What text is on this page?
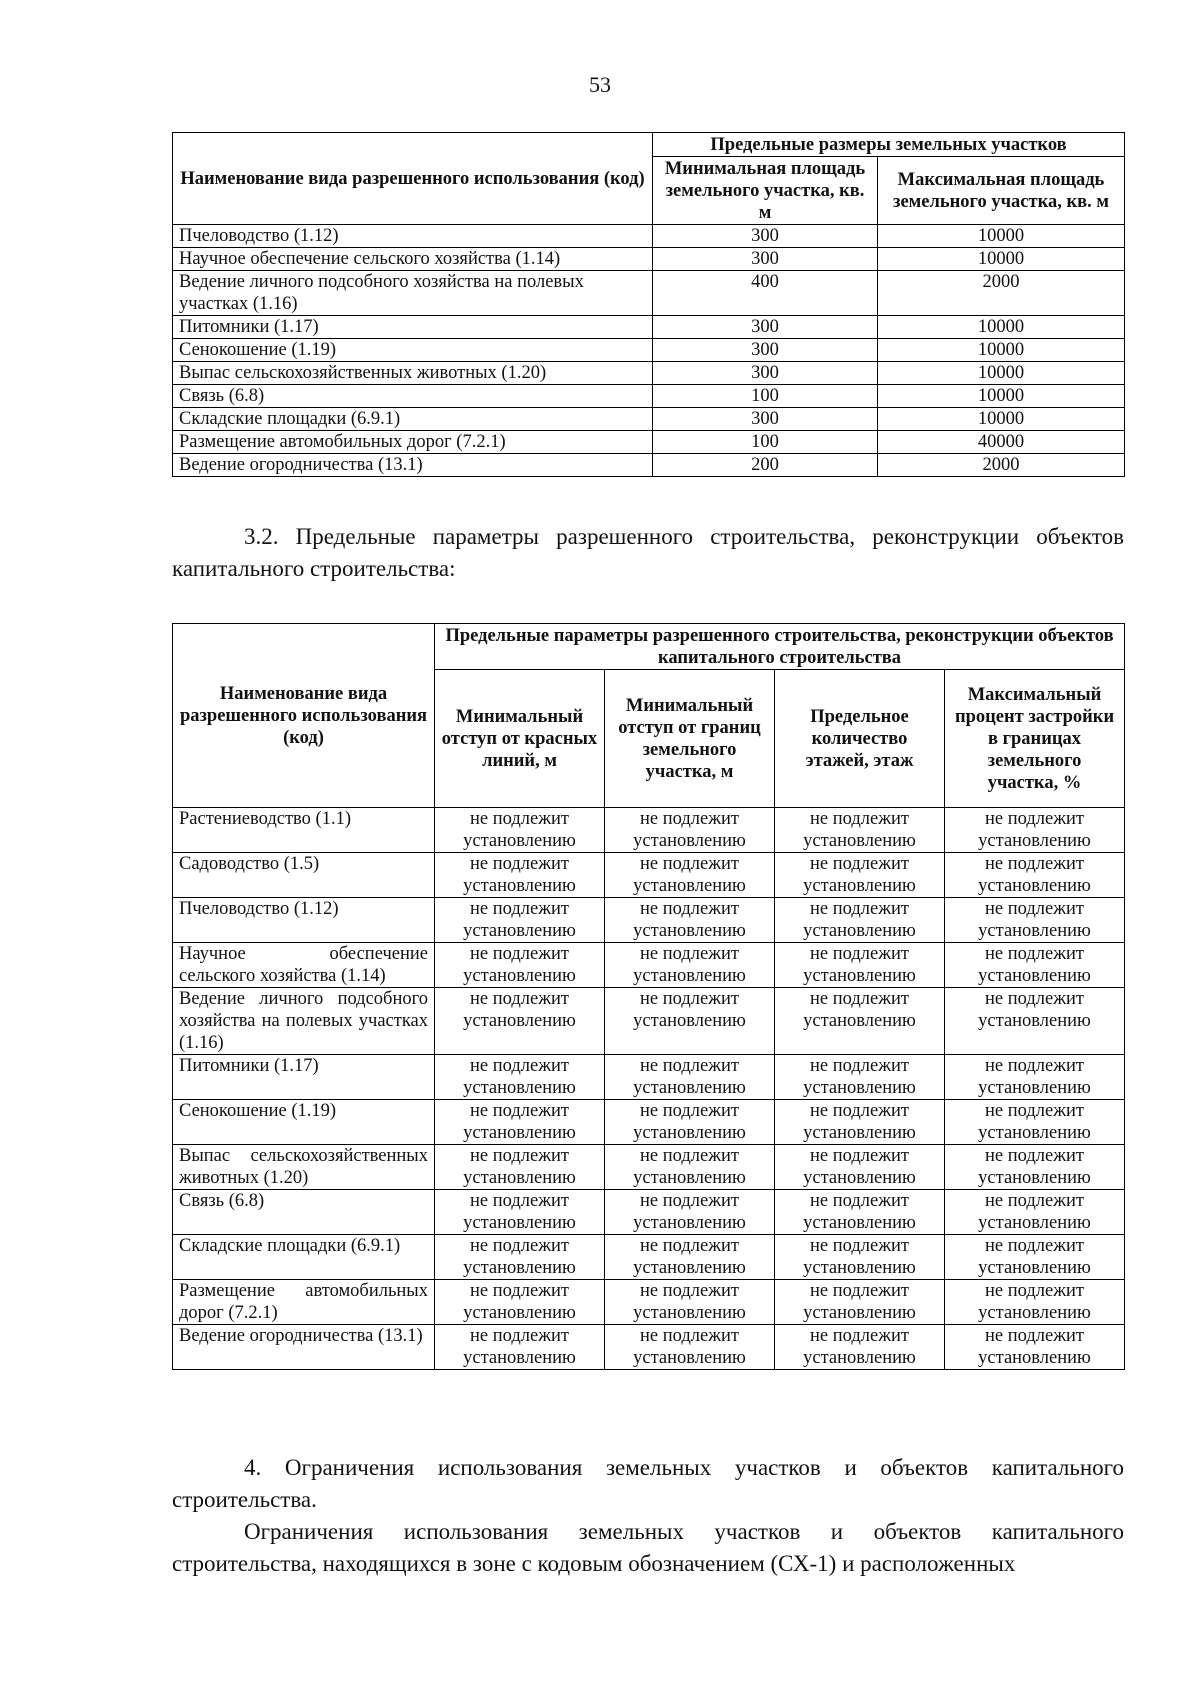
53
Наименование вида разрешенного использования (код)	Предельные размеры земельных участков	
	Минимальная площадь земельного участка, кв. м	Максимальная площадь земельного участка, кв. м
Пчеловодство (1.12)	300	10000
Научное обеспечение сельского хозяйства (1.14)	300	10000
Ведение личного подсобного хозяйства на полевых участках (1.16)	400	2000
Питомники (1.17)	300	10000
Сенокошение (1.19)	300	10000
Выпас сельскохозяйственных животных (1.20)	300	10000
Связь (6.8)	100	10000
Складские площадки (6.9.1)	300	10000
Размещение автомобильных дорог (7.2.1)	100	40000
Ведение огородничества (13.1)	200	2000
3.2. Предельные параметры разрешенного строительства, реконструкции объектов капитального строительства:
Наименование вида разрешенного использования (код)	Предельные параметры разрешенного строительства, реконструкции объектов капитального строительства			
	Минимальный отступ от красных линий, м	Минимальный отступ от границ земельного участка, м	Предельное количество этажей, этаж	Максимальный процент застройки в границах земельного участка, %
Растениеводство (1.1)	не подлежит установлению	не подлежит установлению	не подлежит установлению	не подлежит установлению
Садоводство (1.5)	не подлежит установлению	не подлежит установлению	не подлежит установлению	не подлежит установлению
Пчеловодство (1.12)	не подлежит установлению	не подлежит установлению	не подлежит установлению	не подлежит установлению
Научное обеспечение сельского хозяйства (1.14)	не подлежит установлению	не подлежит установлению	не подлежит установлению	не подлежит установлению
Ведение личного подсобного хозяйства на полевых участках (1.16)	не подлежит установлению	не подлежит установлению	не подлежит установлению	не подлежит установлению
Питомники (1.17)	не подлежит установлению	не подлежит установлению	не подлежит установлению	не подлежит установлению
Сенокошение (1.19)	не подлежит установлению	не подлежит установлению	не подлежит установлению	не подлежит установлению
Выпас сельскохозяйственных животных (1.20)	не подлежит установлению	не подлежит установлению	не подлежит установлению	не подлежит установлению
Связь (6.8)	не подлежит установлению	не подлежит установлению	не подлежит установлению	не подлежит установлению
Складские площадки (6.9.1)	не подлежит установлению	не подлежит установлению	не подлежит установлению	не подлежит установлению
Размещение автомобильных дорог (7.2.1)	не подлежит установлению	не подлежит установлению	не подлежит установлению	не подлежит установлению
Ведение огородничества (13.1)	не подлежит установлению	не подлежит установлению	не подлежит установлению	не подлежит установлению
4. Ограничения использования земельных участков и объектов капитального строительства.
Ограничения использования земельных участков и объектов капитального строительства, находящихся в зоне с кодовым обозначением (СХ-1) и расположенных
